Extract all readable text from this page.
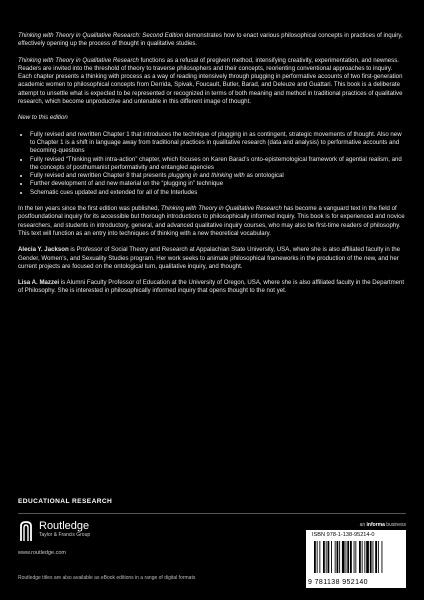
Thinking with Theory in Qualitative Research: Second Edition demonstrates how to enact various philosophical concepts in practices of inquiry, effectively opening up the process of thought in qualitative studies.

Thinking with Theory in Qualitative Research functions as a refusal of pregiven method, intensifying creativity, experimentation, and newness. Readers are invited into the threshold of theory to traverse philosophers and their concepts, reorienting conventional approaches to inquiry. Each chapter presents a thinking with process as a way of reading intensively through plugging in performative accounts of two first-generation academic women to philosophical concepts from Derrida, Spivak, Foucault, Butler, Barad, and Deleuze and Guattari. This book is a deliberate attempt to unsettle what is expected to be represented or recognized in terms of both meaning and method in traditional practices of qualitative research, which become unproductive and untenable in this different image of thought.

New to this edition

• Fully revised and rewritten Chapter 1 that introduces the technique of plugging in as contingent, strategic movements of thought. Also new to Chapter 1 is a shift in language away from traditional practices in qualitative research (data and analysis) to performative accounts and becoming-questions
• Fully revised “Thinking with intra-action” chapter, which focuses on Karen Barad’s onto-epistemological framework of agential realism, and the concepts of posthumanist performativity and entangled agencies
• Fully revised and rewritten Chapter 8 that presents plugging in and thinking with as ontological
• Further development of and new material on the “plugging in” technique
• Schematic cues updated and extended for all of the Interludes

In the ten years since the first edition was published, Thinking with Theory in Qualitative Research has become a vanguard text in the field of postfoundational inquiry for its accessible but thorough introductions to philosophically informed inquiry. This book is for experienced and novice researchers, and students in introductory, general, and advanced qualitative inquiry courses, who may also be first-time readers of philosophy. This text will function as an entry into techniques of thinking with a new theoretical vocabulary.

Alecia Y. Jackson is Professor of Social Theory and Research at Appalachian State University, USA, where she is also affiliated faculty in the Gender, Women’s, and Sexuality Studies program. Her work seeks to animate philosophical frameworks in the production of the new, and her current projects are focused on the ontological turn, qualitative inquiry, and thought.

Lisa A. Mazzei is Alumni Faculty Professor of Education at the University of Oregon, USA, where she is also affiliated faculty in the Department of Philosophy. She is interested in philosophically informed inquiry that opens thought to the not yet.

EDUCATIONAL RESEARCH
Routledge
Taylor & Francis Group
www.routledge.com
Routledge titles are also available as eBook editions in a range of digital formats
an informa business
ISBN 978-1-138-95214-0
9 781138 952140
